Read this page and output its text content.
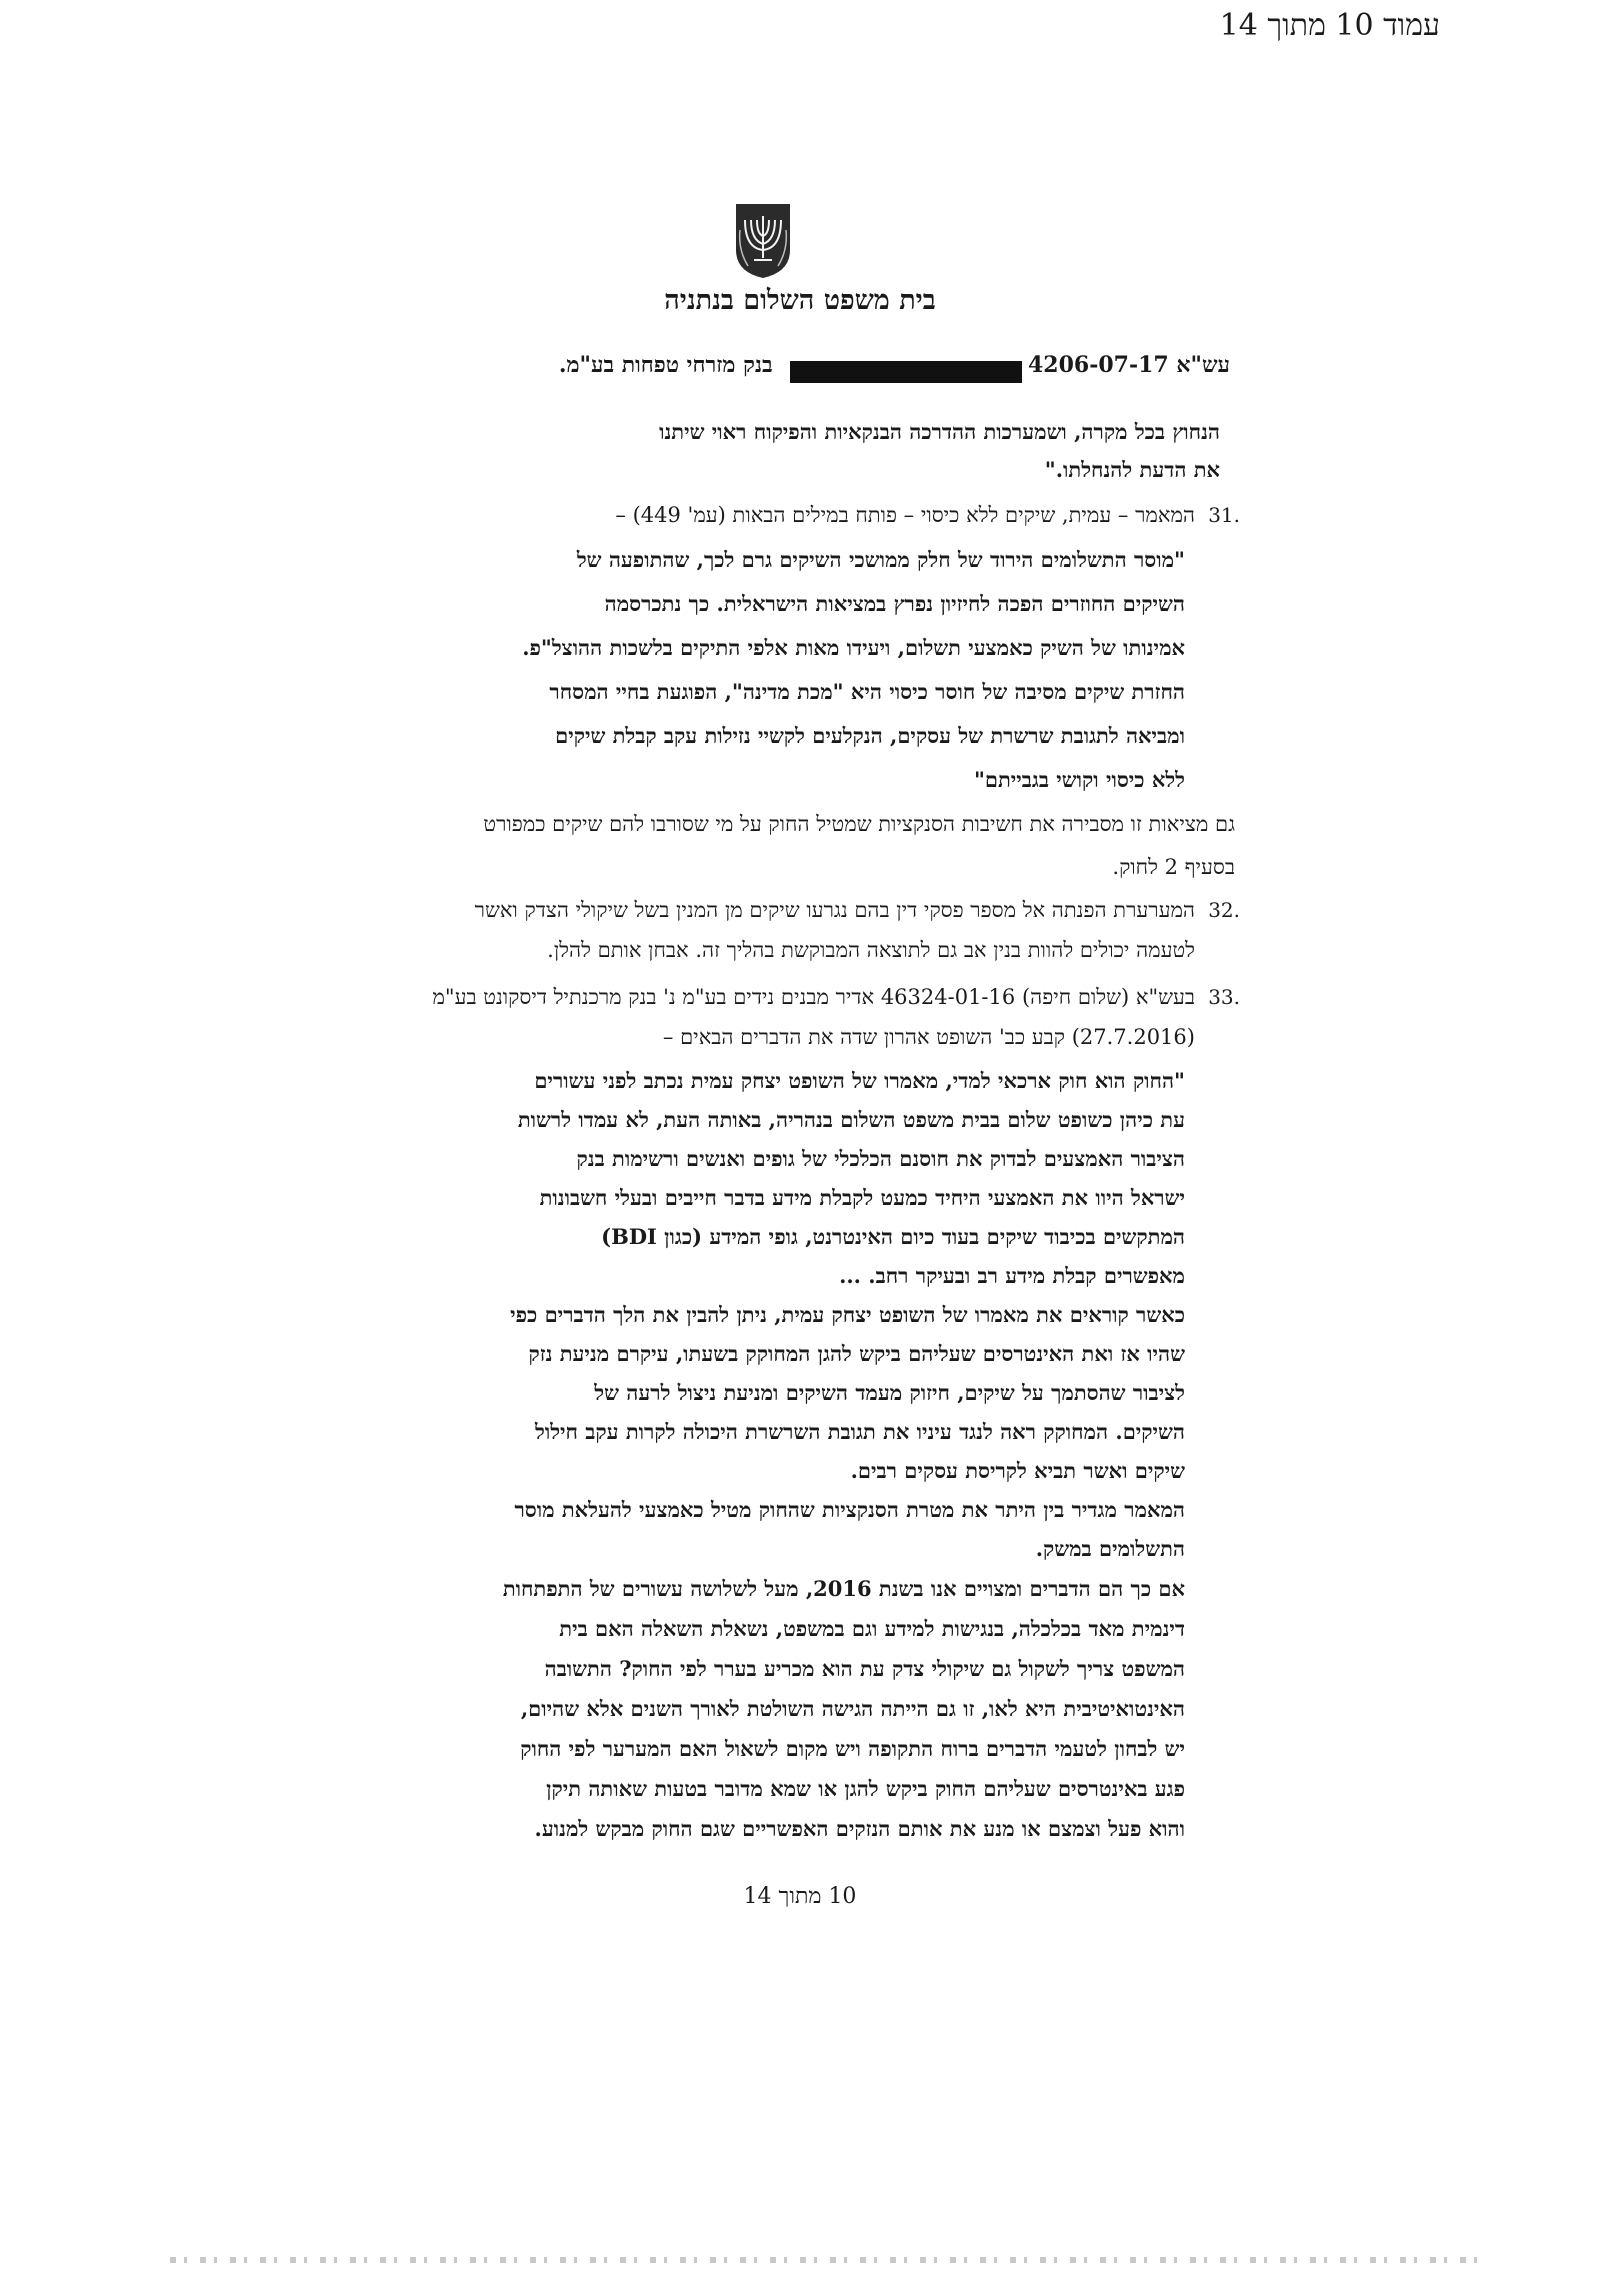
עמוד 10 מתוך 14
בית משפט השלום בנתניה
עש"א 4206-07-17  בנק מזרחי טפחות בע"מ.
הנחוץ בכל מקרה, ושמערכות ההדרכה הבנקאיות והפיקוח ראוי שיתנו
את הדעת להנחלתו."
31.
המאמר – עמית, שיקים ללא כיסוי – פותח במילים הבאות (עמ' 449) –
"מוסר התשלומים הירוד של חלק ממושכי השיקים גרם לכך, שהתופעה של
השיקים החוזרים הפכה לחיזיון נפרץ במציאות הישראלית. כך נתכרסמה
אמינותו של השיק כאמצעי תשלום, ויעידו מאות אלפי התיקים בלשכות ההוצל"פ.
החזרת שיקים מסיבה של חוסר כיסוי היא "מכת מדינה", הפוגעת בחיי המסחר
ומביאה לתגובת שרשרת של עסקים, הנקלעים לקשיי נזילות עקב קבלת שיקים
ללא כיסוי וקושי בגבייתם"
גם מציאות זו מסבירה את חשיבות הסנקציות שמטיל החוק על מי שסורבו להם שיקים כמפורט
בסעיף 2 לחוק.
32.
המערערת הפנתה אל מספר פסקי דין בהם נגרעו שיקים מן המנין בשל שיקולי הצדק ואשר
לטעמה יכולים להוות בנין אב גם לתוצאה המבוקשת בהליך זה. אבחן אותם להלן.
33.
בעש"א (שלום חיפה) 46324-01-16 אדיר מבנים נידים בע"מ נ' בנק מרכנתיל דיסקונט בע"מ
(27.7.2016) קבע כב' השופט אהרון שדה את הדברים הבאים –
"החוק הוא חוק ארכאי למדי, מאמרו של השופט יצחק עמית נכתב לפני עשורים
עת כיהן כשופט שלום בבית משפט השלום בנהריה, באותה העת, לא עמדו לרשות
הציבור האמצעים לבדוק את חוסנם הכלכלי של גופים ואנשים ורשימות בנק
ישראל היוו את האמצעי היחיד כמעט לקבלת מידע בדבר חייבים ובעלי חשבונות
המתקשים בכיבוד שיקים בעוד כיום האינטרנט, גופי המידע (כגון BDI)
מאפשרים קבלת מידע רב ובעיקר רחב. ...
כאשר קוראים את מאמרו של השופט יצחק עמית, ניתן להבין את הלך הדברים כפי
שהיו אז ואת האינטרסים שעליהם ביקש להגן המחוקק בשעתו, עיקרם מניעת נזק
לציבור שהסתמך על שיקים, חיזוק מעמד השיקים ומניעת ניצול לרעה של
השיקים. המחוקק ראה לנגד עיניו את תגובת השרשרת היכולה לקרות עקב חילול
שיקים ואשר תביא לקריסת עסקים רבים.
המאמר מגדיר בין היתר את מטרת הסנקציות שהחוק מטיל כאמצעי להעלאת מוסר
התשלומים במשק.
אם כך הם הדברים ומצויים אנו בשנת 2016, מעל לשלושה עשורים של התפתחות
דינמית מאד בכלכלה, בנגישות למידע וגם במשפט, נשאלת השאלה האם בית
המשפט צריך לשקול גם שיקולי צדק עת הוא מכריע בערר לפי החוק? התשובה
האינטואיטיבית היא לאו, זו גם הייתה הגישה השולטת לאורך השנים אלא שהיום,
יש לבחון לטעמי הדברים ברוח התקופה ויש מקום לשאול האם המערער לפי החוק
פגע באינטרסים שעליהם החוק ביקש להגן או שמא מדובר בטעות שאותה תיקן
והוא פעל וצמצם או מנע את אותם הנזקים האפשריים שגם החוק מבקש למנוע.
10 מתוך 14
